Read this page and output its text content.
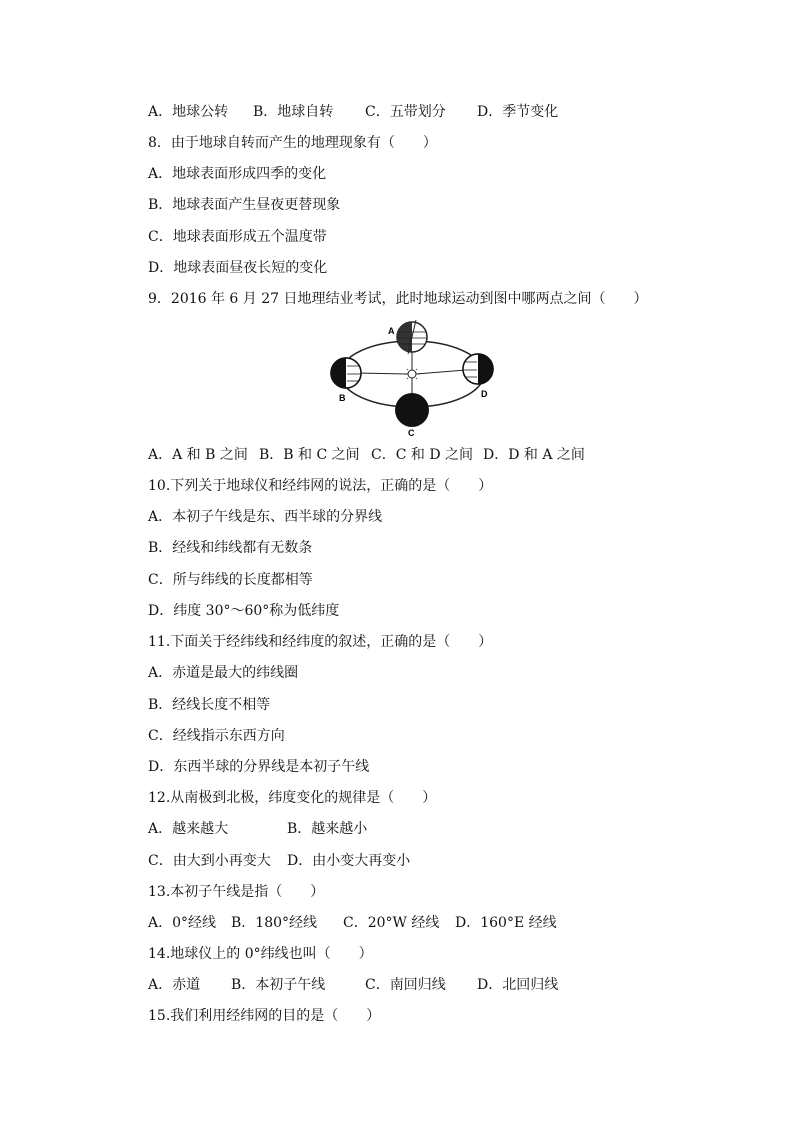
A．地球公转 B．地球自转 C．五带划分 D．季节变化
8．由于地球自转而产生的地理现象有（　　）
A．地球表面形成四季的变化
B．地球表面产生昼夜更替现象
C．地球表面形成五个温度带
D．地球表面昼夜长短的变化
9．2016 年 6 月 27 日地理结业考试，此时地球运动到图中哪两点之间（　　）
A
B
C
D
A．A 和 B 之间 B．B 和 C 之间 C．C 和 D 之间 D．D 和 A 之间
10.下列关于地球仪和经纬网的说法，正确的是（　　）
A．本初子午线是东、西半球的分界线
B．经线和纬线都有无数条
C．所与纬线的长度都相等
D．纬度 30°～60°称为低纬度
11.下面关于经纬线和经纬度的叙述，正确的是（　　）
A．赤道是最大的纬线圈
B．经线长度不相等
C．经线指示东西方向
D．东西半球的分界线是本初子午线
12.从南极到北极，纬度变化的规律是（　　）
A．越来越大	B．越来越小
C．由大到小再变大 D．由小变大再变小
13.本初子午线是指（　　）
A．0°经线 B．180°经线 C．20°W 经线 D．160°E 经线
14.地球仪上的 0°纬线也叫（　　）
A．赤道 B．本初子午线	C．南回归线 D．北回归线
15.我们利用经纬网的目的是（　　）
